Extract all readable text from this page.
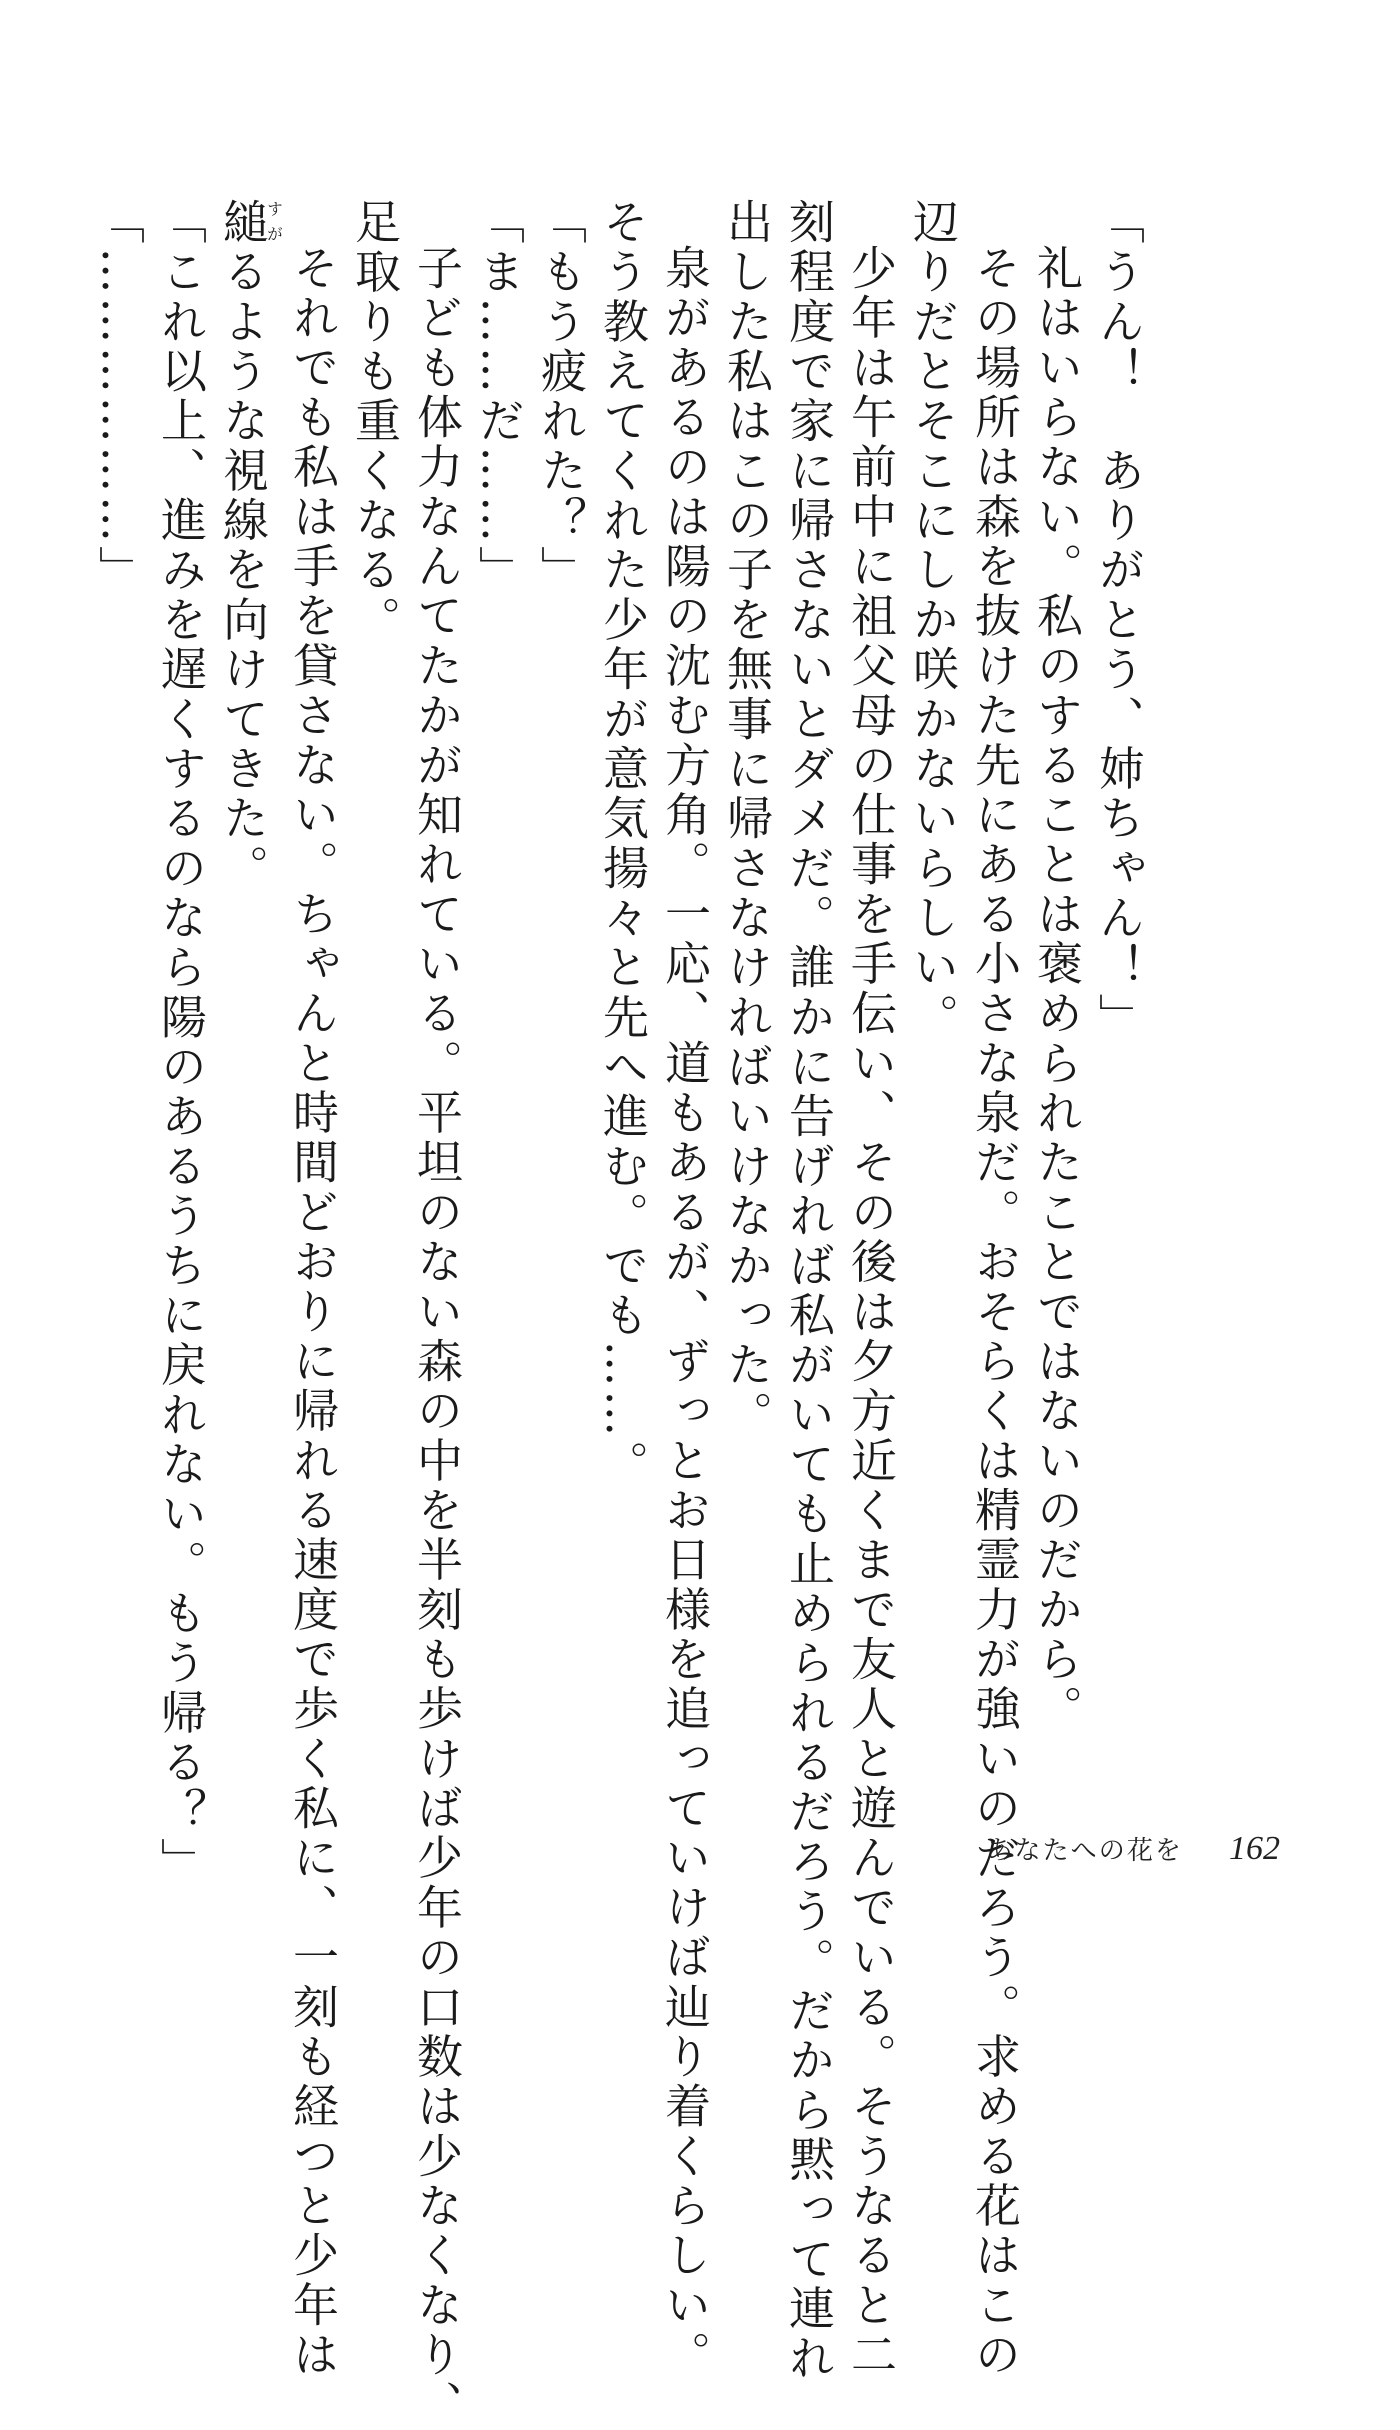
「うん！　ありがとう、姉ちゃん！」
礼はいらない。私のすることは褒められたことではないのだから。
その場所は森を抜けた先にある小さな泉だ。おそらくは精霊力が強いのだろう。求める花はこの
辺りだとそこにしか咲かないらしい。
少年は午前中に祖父母の仕事を手伝い、その後は夕方近くまで友人と遊んでいる。そうなると二
刻程度で家に帰さないとダメだ。誰かに告げれば私がいても止められるだろう。だから黙って連れ
出した私はこの子を無事に帰さなければいけなかった。
泉があるのは陽の沈む方角。一応、道もあるが、ずっとお日様を追っていけば辿り着くらしい。
そう教えてくれた少年が意気揚々と先へ進む。でも……。
「もう疲れた？」
「ま……だ……」
子ども体力なんてたかが知れている。平坦のない森の中を半刻も歩けば少年の口数は少なくなり、
足取りも重くなる。
それでも私は手を貸さない。ちゃんと時間どおりに帰れる速度で歩く私に、一刻も経つと少年は
縋すがるような視線を向けてきた。
「これ以上、進みを遅くするのなら陽のあるうちに戻れない。もう帰る？」
「………………」
あなたへの花を 162
